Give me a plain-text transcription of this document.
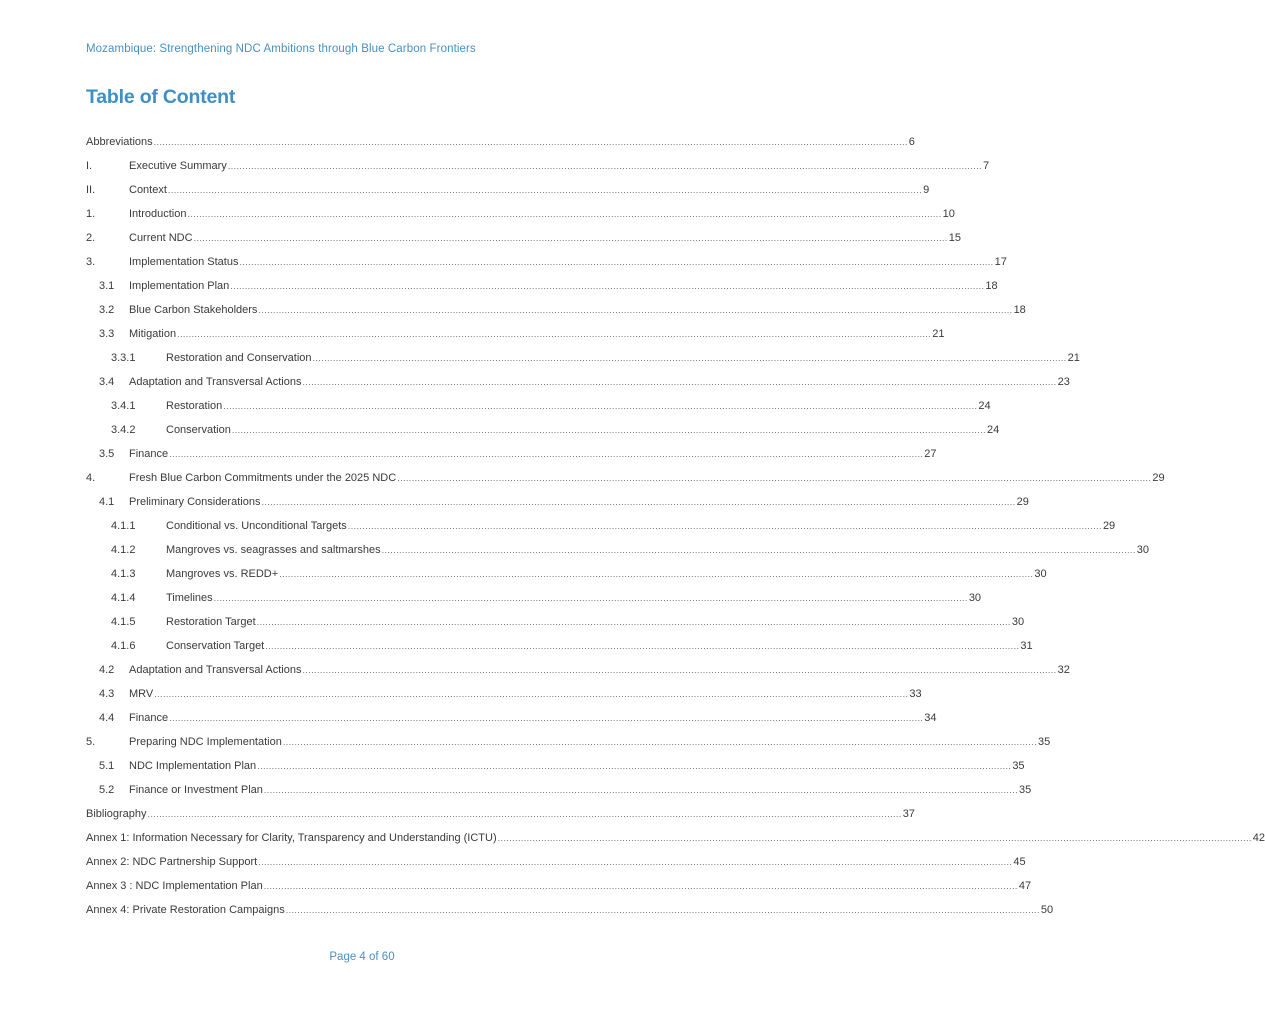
Mozambique: Strengthening NDC Ambitions through Blue Carbon Frontiers
Table of Content
Abbreviations .................................................................................................................................................................................................................................................................... 6
I.	Executive Summary .................................................................................................................................................................................................................................................................... 7
II.	Context .................................................................................................................................................................................................................................................................... 9
1.	Introduction .................................................................................................................................................................................................................................................................... 10
2.	Current NDC .................................................................................................................................................................................................................................................................... 15
3.	Implementation Status .................................................................................................................................................................................................................................................................... 17
3.1 Implementation Plan .................................................................................................................................................................................................................................................................... 18
3.2 Blue Carbon Stakeholders .................................................................................................................................................................................................................................................................... 18
3.3 Mitigation .................................................................................................................................................................................................................................................................... 21
3.3.1	Restoration and Conservation .................................................................................................................................................................................................................................................................... 21
3.4 Adaptation and Transversal Actions .................................................................................................................................................................................................................................................................... 23
3.4.1	Restoration .................................................................................................................................................................................................................................................................... 24
3.4.2	Conservation .................................................................................................................................................................................................................................................................... 24
3.5 Finance .................................................................................................................................................................................................................................................................... 27
4.	Fresh Blue Carbon Commitments under the 2025 NDC .................................................................................................................................................................................................................................................................... 29
4.1 Preliminary Considerations .................................................................................................................................................................................................................................................................... 29
4.1.1	Conditional vs. Unconditional Targets .................................................................................................................................................................................................................................................................... 29
4.1.2	Mangroves vs. seagrasses and saltmarshes .................................................................................................................................................................................................................................................................... 30
4.1.3	Mangroves vs. REDD+ .................................................................................................................................................................................................................................................................... 30
4.1.4	Timelines .................................................................................................................................................................................................................................................................... 30
4.1.5	Restoration Target .................................................................................................................................................................................................................................................................... 30
4.1.6	Conservation Target .................................................................................................................................................................................................................................................................... 31
4.2 Adaptation and Transversal Actions .................................................................................................................................................................................................................................................................... 32
4.3 MRV .................................................................................................................................................................................................................................................................... 33
4.4 Finance .................................................................................................................................................................................................................................................................... 34
5.	Preparing NDC Implementation .................................................................................................................................................................................................................................................................... 35
5.1 NDC Implementation Plan .................................................................................................................................................................................................................................................................... 35
5.2 Finance or Investment Plan .................................................................................................................................................................................................................................................................... 35
Bibliography .................................................................................................................................................................................................................................................................... 37
Annex 1: Information Necessary for Clarity, Transparency and Understanding (ICTU) .................................................................................................................................................................................................................................................................... 42
Annex 2: NDC Partnership Support .................................................................................................................................................................................................................................................................... 45
Annex 3 : NDC Implementation Plan .................................................................................................................................................................................................................................................................... 47
Annex 4: Private Restoration Campaigns .................................................................................................................................................................................................................................................................... 50
Page 4 of 60
